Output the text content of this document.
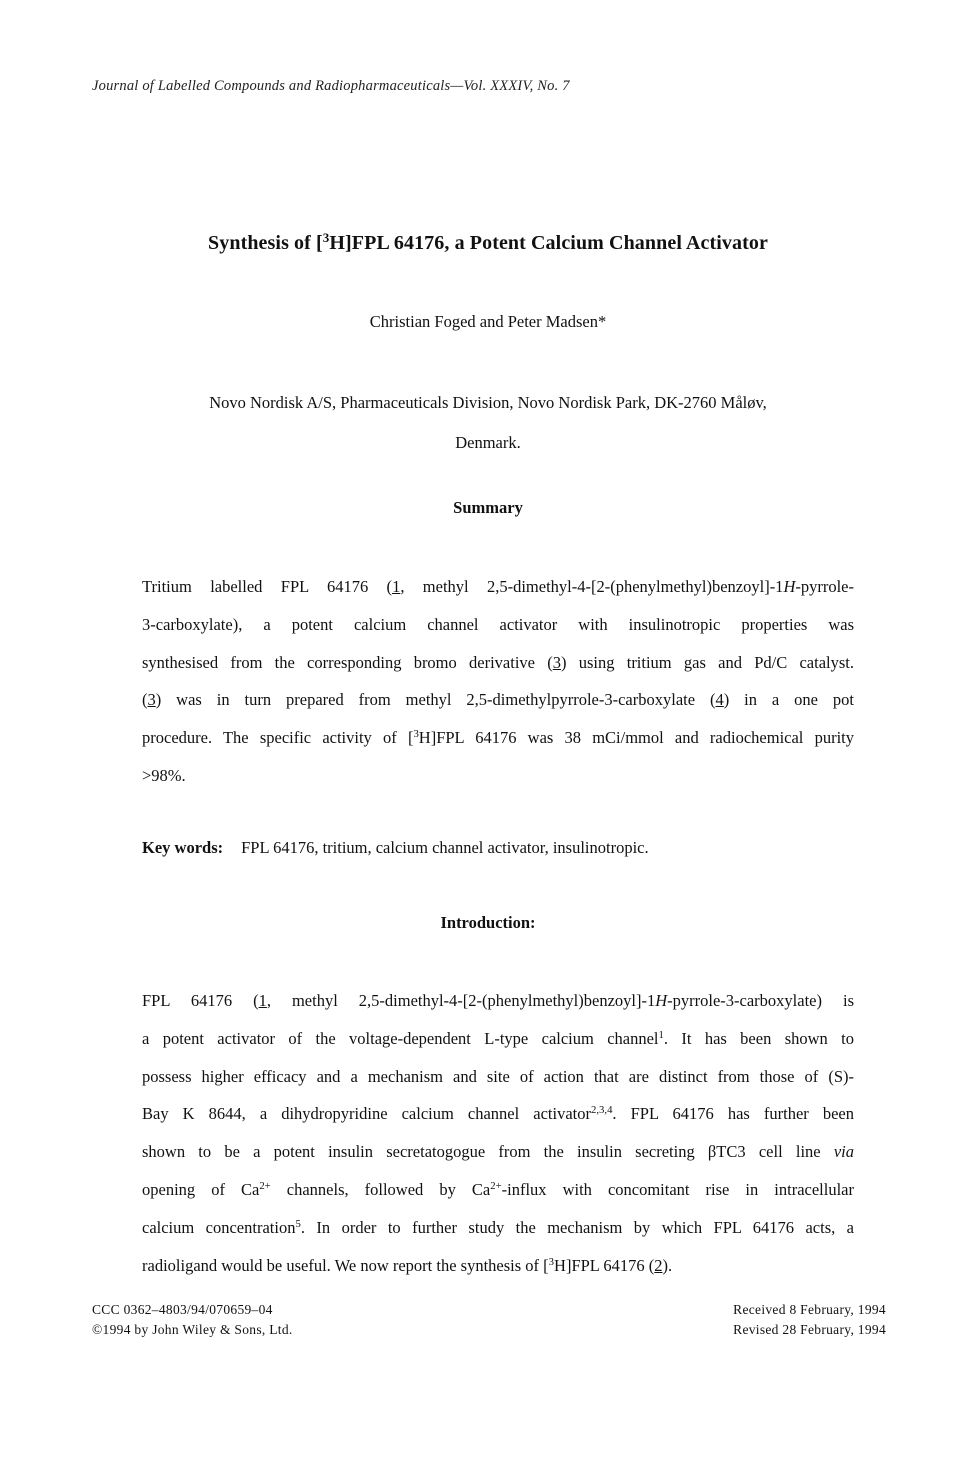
Journal of Labelled Compounds and Radiopharmaceuticals—Vol. XXXIV, No. 7
Synthesis of [$^3$H]FPL 64176, a Potent Calcium Channel Activator
Christian Foged and Peter Madsen*
Novo Nordisk A/S, Pharmaceuticals Division, Novo Nordisk Park, DK-2760 Måløv,
Denmark.
Summary
Tritium labelled FPL 64176 (1, methyl 2,5-dimethyl-4-[2-(phenylmethyl)benzoyl]-1H-pyrrole-
3-carboxylate), a potent calcium channel activator with insulinotropic properties was
synthesised from the corresponding bromo derivative (3) using tritium gas and Pd/C catalyst.
(3) was in turn prepared from methyl 2,5-dimethylpyrrole-3-carboxylate (4) in a one pot
procedure. The specific activity of [$^3$H]FPL 64176 was 38 mCi/mmol and radiochemical purity
>98%.
Key words: FPL 64176, tritium, calcium channel activator, insulinotropic.
Introduction:
FPL 64176 (1, methyl 2,5-dimethyl-4-[2-(phenylmethyl)benzoyl]-1H-pyrrole-3-carboxylate) is
a potent activator of the voltage-dependent L-type calcium channel$^1$. It has been shown to
possess higher efficacy and a mechanism and site of action that are distinct from those of (S)-
Bay K 8644, a dihydropyridine calcium channel activator$^{2,3,4}$. FPL 64176 has further been
shown to be a potent insulin secretatogogue from the insulin secreting βTC3 cell line via
opening of $Ca^{2+}$ channels, followed by $Ca^{2+}$-influx with concomitant rise in intracellular
calcium concentration$^5$. In order to further study the mechanism by which FPL 64176 acts, a
radioligand would be useful. We now report the synthesis of [$^3$H]FPL 64176 (2).
CCC 0362–4803/94/070659–04
©1994 by John Wiley & Sons, Ltd.
Received 8 February, 1994
Revised 28 February, 1994
